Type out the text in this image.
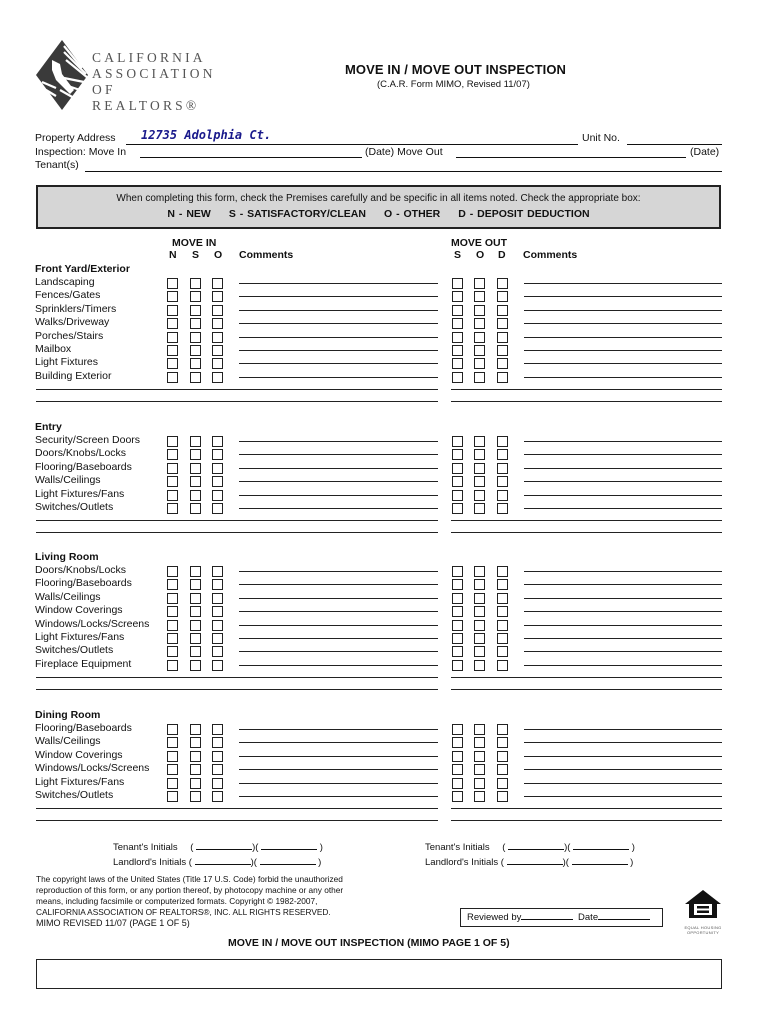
CALIFORNIA
ASSOCIATION
OF REALTORS®
MOVE IN / MOVE OUT INSPECTION
(C.A.R. Form MIMO, Revised 11/07)
Property Address 12735 Adolphia Ct.	Unit No.
Inspection: Move In	(Date) Move Out	(Date)
Tenant(s)
When completing this form, check the Premises carefully and be specific in all items noted. Check the appropriate box:
N - NEW S - SATISFACTORY/CLEAN O - OTHER D - DEPOSIT DEDUCTION
MOVE IN
N S O Comments
MOVE OUT
S O D Comments
Front Yard/Exterior
Landscaping
Fences/Gates
Sprinklers/Timers
Walks/Driveway
Porches/Stairs
Mailbox
Light Fixtures
Building Exterior
Entry
Security/Screen Doors
Doors/Knobs/Locks
Flooring/Baseboards
Walls/Ceilings
Light Fixtures/Fans
Switches/Outlets
Living Room
Doors/Knobs/Locks
Flooring/Baseboards
Walls/Ceilings
Window Coverings
Windows/Locks/Screens
Light Fixtures/Fans
Switches/Outlets
Fireplace Equipment
Dining Room
Flooring/Baseboards
Walls/Ceilings
Window Coverings
Windows/Locks/Screens
Light Fixtures/Fans
Switches/Outlets
Tenant's Initials (	)(	)
Landlord's Initials (	)(	)
Tenant's Initials (	)(	)
Landlord's Initials (	)(	)
The copyright laws of the United States (Title 17 U.S. Code) forbid the unauthorized reproduction of this form, or any portion thereof, by photocopy machine or any other means, including facsimile or computerized formats. Copyright © 1982-2007, CALIFORNIA ASSOCIATION OF REALTORS®, INC. ALL RIGHTS RESERVED.
MIMO REVISED 11/07 (PAGE 1 OF 5)	Reviewed by	Date
EQUAL HOUSING OPPORTUNITY
MOVE IN / MOVE OUT INSPECTION (MIMO PAGE 1 OF 5)
